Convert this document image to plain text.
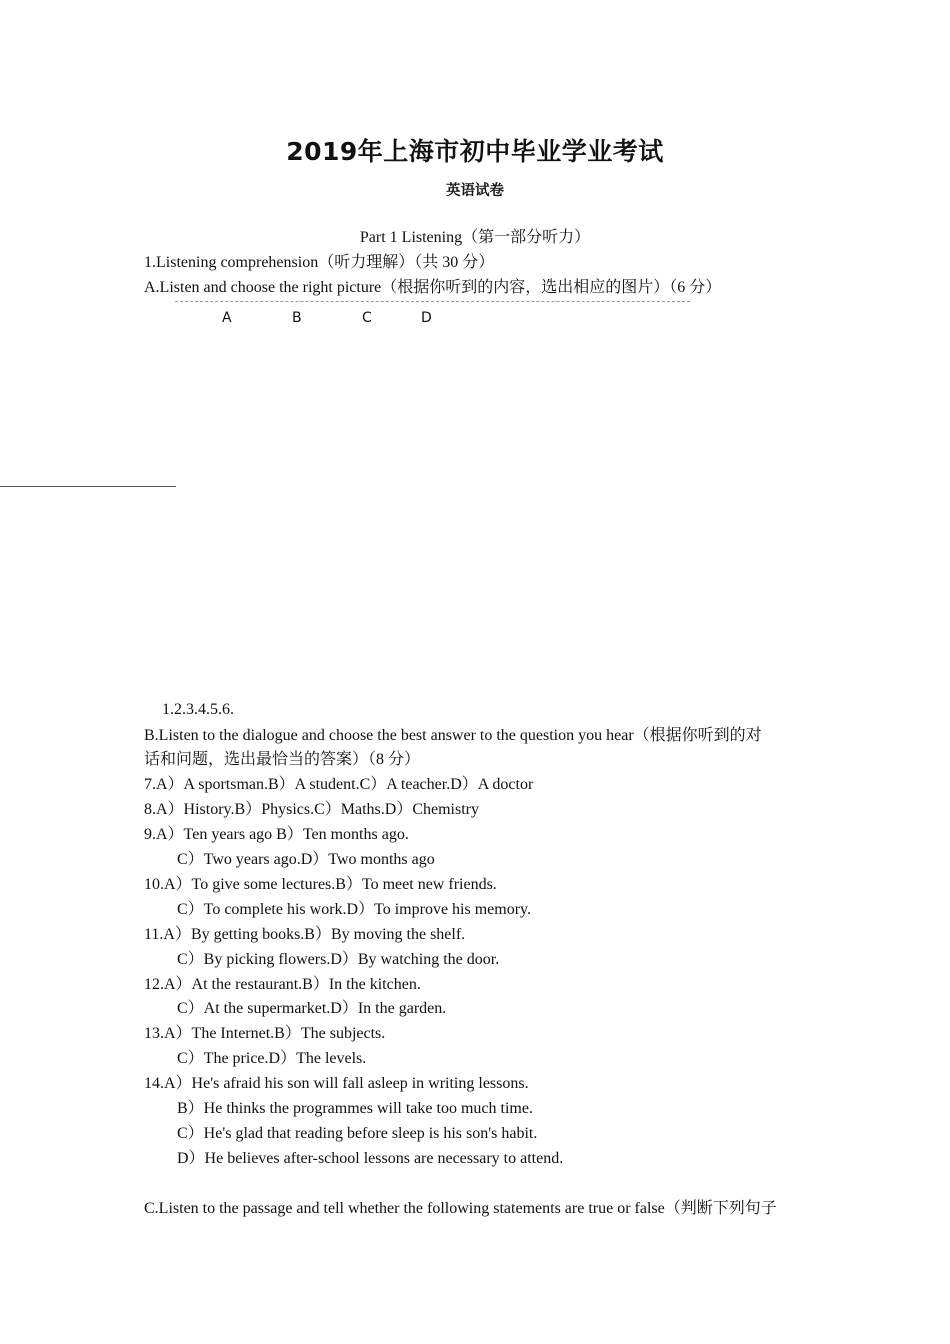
2019年上海市初中毕业学业考试
英语试卷
Part 1 Listening（第一部分听力）
1.Listening comprehension（听力理解）（共 30 分）
A.Listen and choose the right picture（根据你听到的内容，选出相应的图片）（6 分）
A	B	C	D
1.2.3.4.5.6.
B.Listen to the dialogue and choose the best answer to the question you hear（根据你听到的对
话和问题，选出最恰当的答案）（8 分）
7.A）A sportsman.B）A student.C）A teacher.D）A doctor
8.A）History.B）Physics.C）Maths.D）Chemistry
9.A）Ten years ago B）Ten months ago.
C）Two years ago.D）Two months ago
10.A）To give some lectures.B）To meet new friends.
C）To complete his work.D）To improve his memory.
11.A）By getting books.B）By moving the shelf.
C）By picking flowers.D）By watching the door.
12.A）At the restaurant.B）In the kitchen.
C）At the supermarket.D）In the garden.
13.A）The Internet.B）The subjects.
C）The price.D）The levels.
14.A）He's afraid his son will fall asleep in writing lessons.
B）He thinks the programmes will take too much time.
C）He's glad that reading before sleep is his son's habit.
D）He believes after-school lessons are necessary to attend.
C.Listen to the passage and tell whether the following statements are true or false（判断下列句子
